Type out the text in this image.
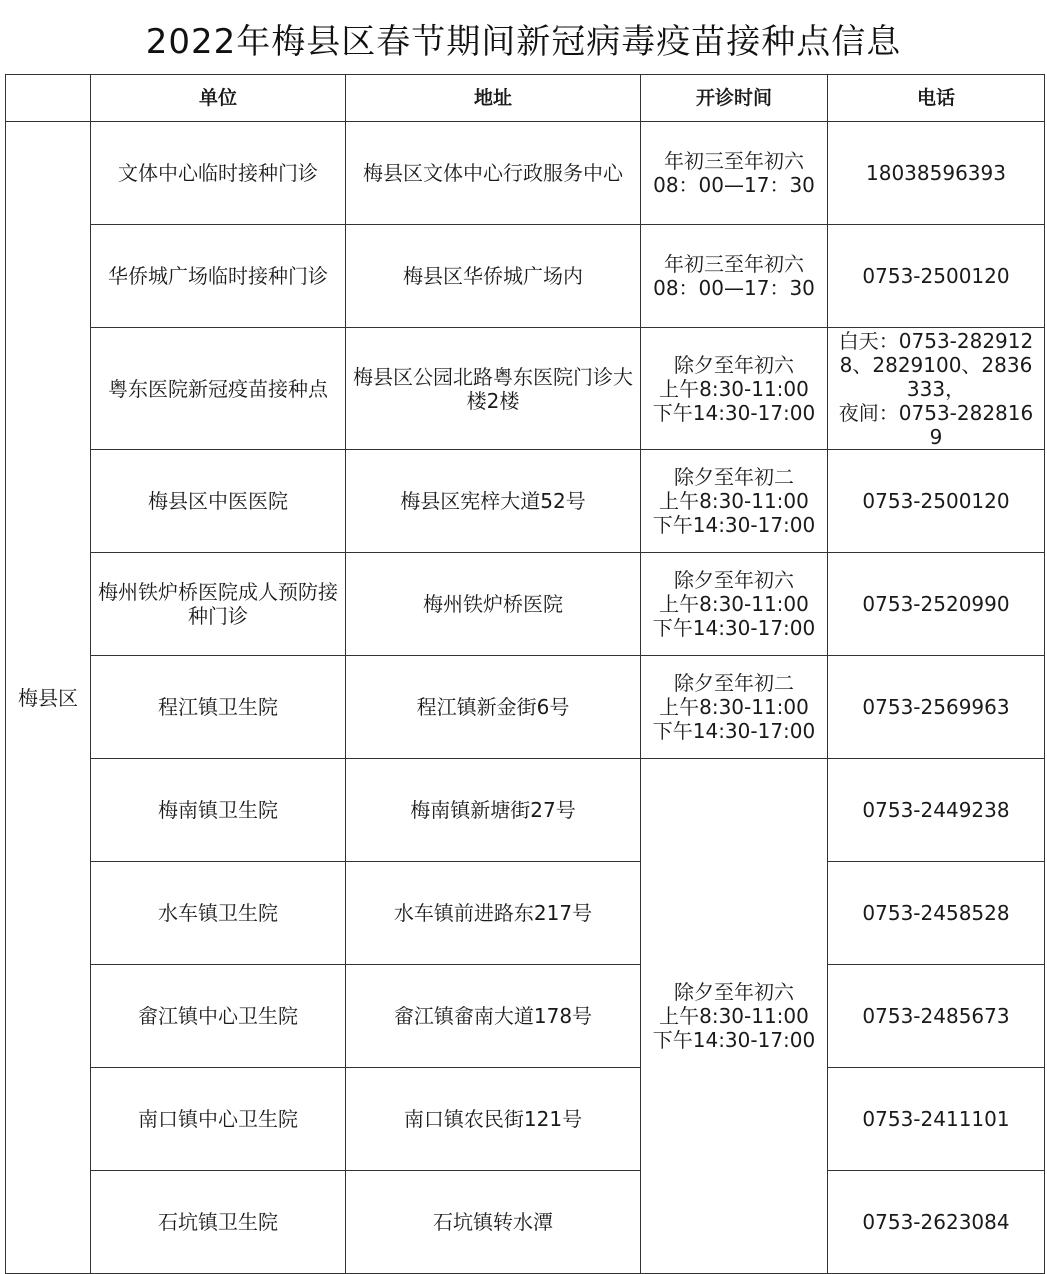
2022年梅县区春节期间新冠病毒疫苗接种点信息
	单位	地址	开诊时间	电话
梅县区	文体中心临时接种门诊	梅县区文体中心行政服务中心	年初三至年初六
08：00—17：30	18038596393
	华侨城广场临时接种门诊	梅县区华侨城广场内	年初三至年初六
08：00—17：30	0753-2500120
	粤东医院新冠疫苗接种点	梅县区公园北路粤东医院门诊大楼2楼	除夕至年初六
上午8:30-11:00
下午14:30-17:00	白天：0753-2829128、2829100、2836333，
夜间：0753-2828169
	梅县区中医医院	梅县区宪梓大道52号	除夕至年初二
上午8:30-11:00
下午14:30-17:00	0753-2500120
	梅州铁炉桥医院成人预防接种门诊	梅州铁炉桥医院	除夕至年初六
上午8:30-11:00
下午14:30-17:00	0753-2520990
	程江镇卫生院	程江镇新金街6号	除夕至年初二
上午8:30-11:00
下午14:30-17:00	0753-2569963
	梅南镇卫生院	梅南镇新塘街27号	除夕至年初六
上午8:30-11:00
下午14:30-17:00	0753-2449238
	水车镇卫生院	水车镇前进路东217号		0753-2458528
	畲江镇中心卫生院	畲江镇畲南大道178号		0753-2485673
	南口镇中心卫生院	南口镇农民街121号		0753-2411101
	石坑镇卫生院	石坑镇转水潭		0753-2623084
